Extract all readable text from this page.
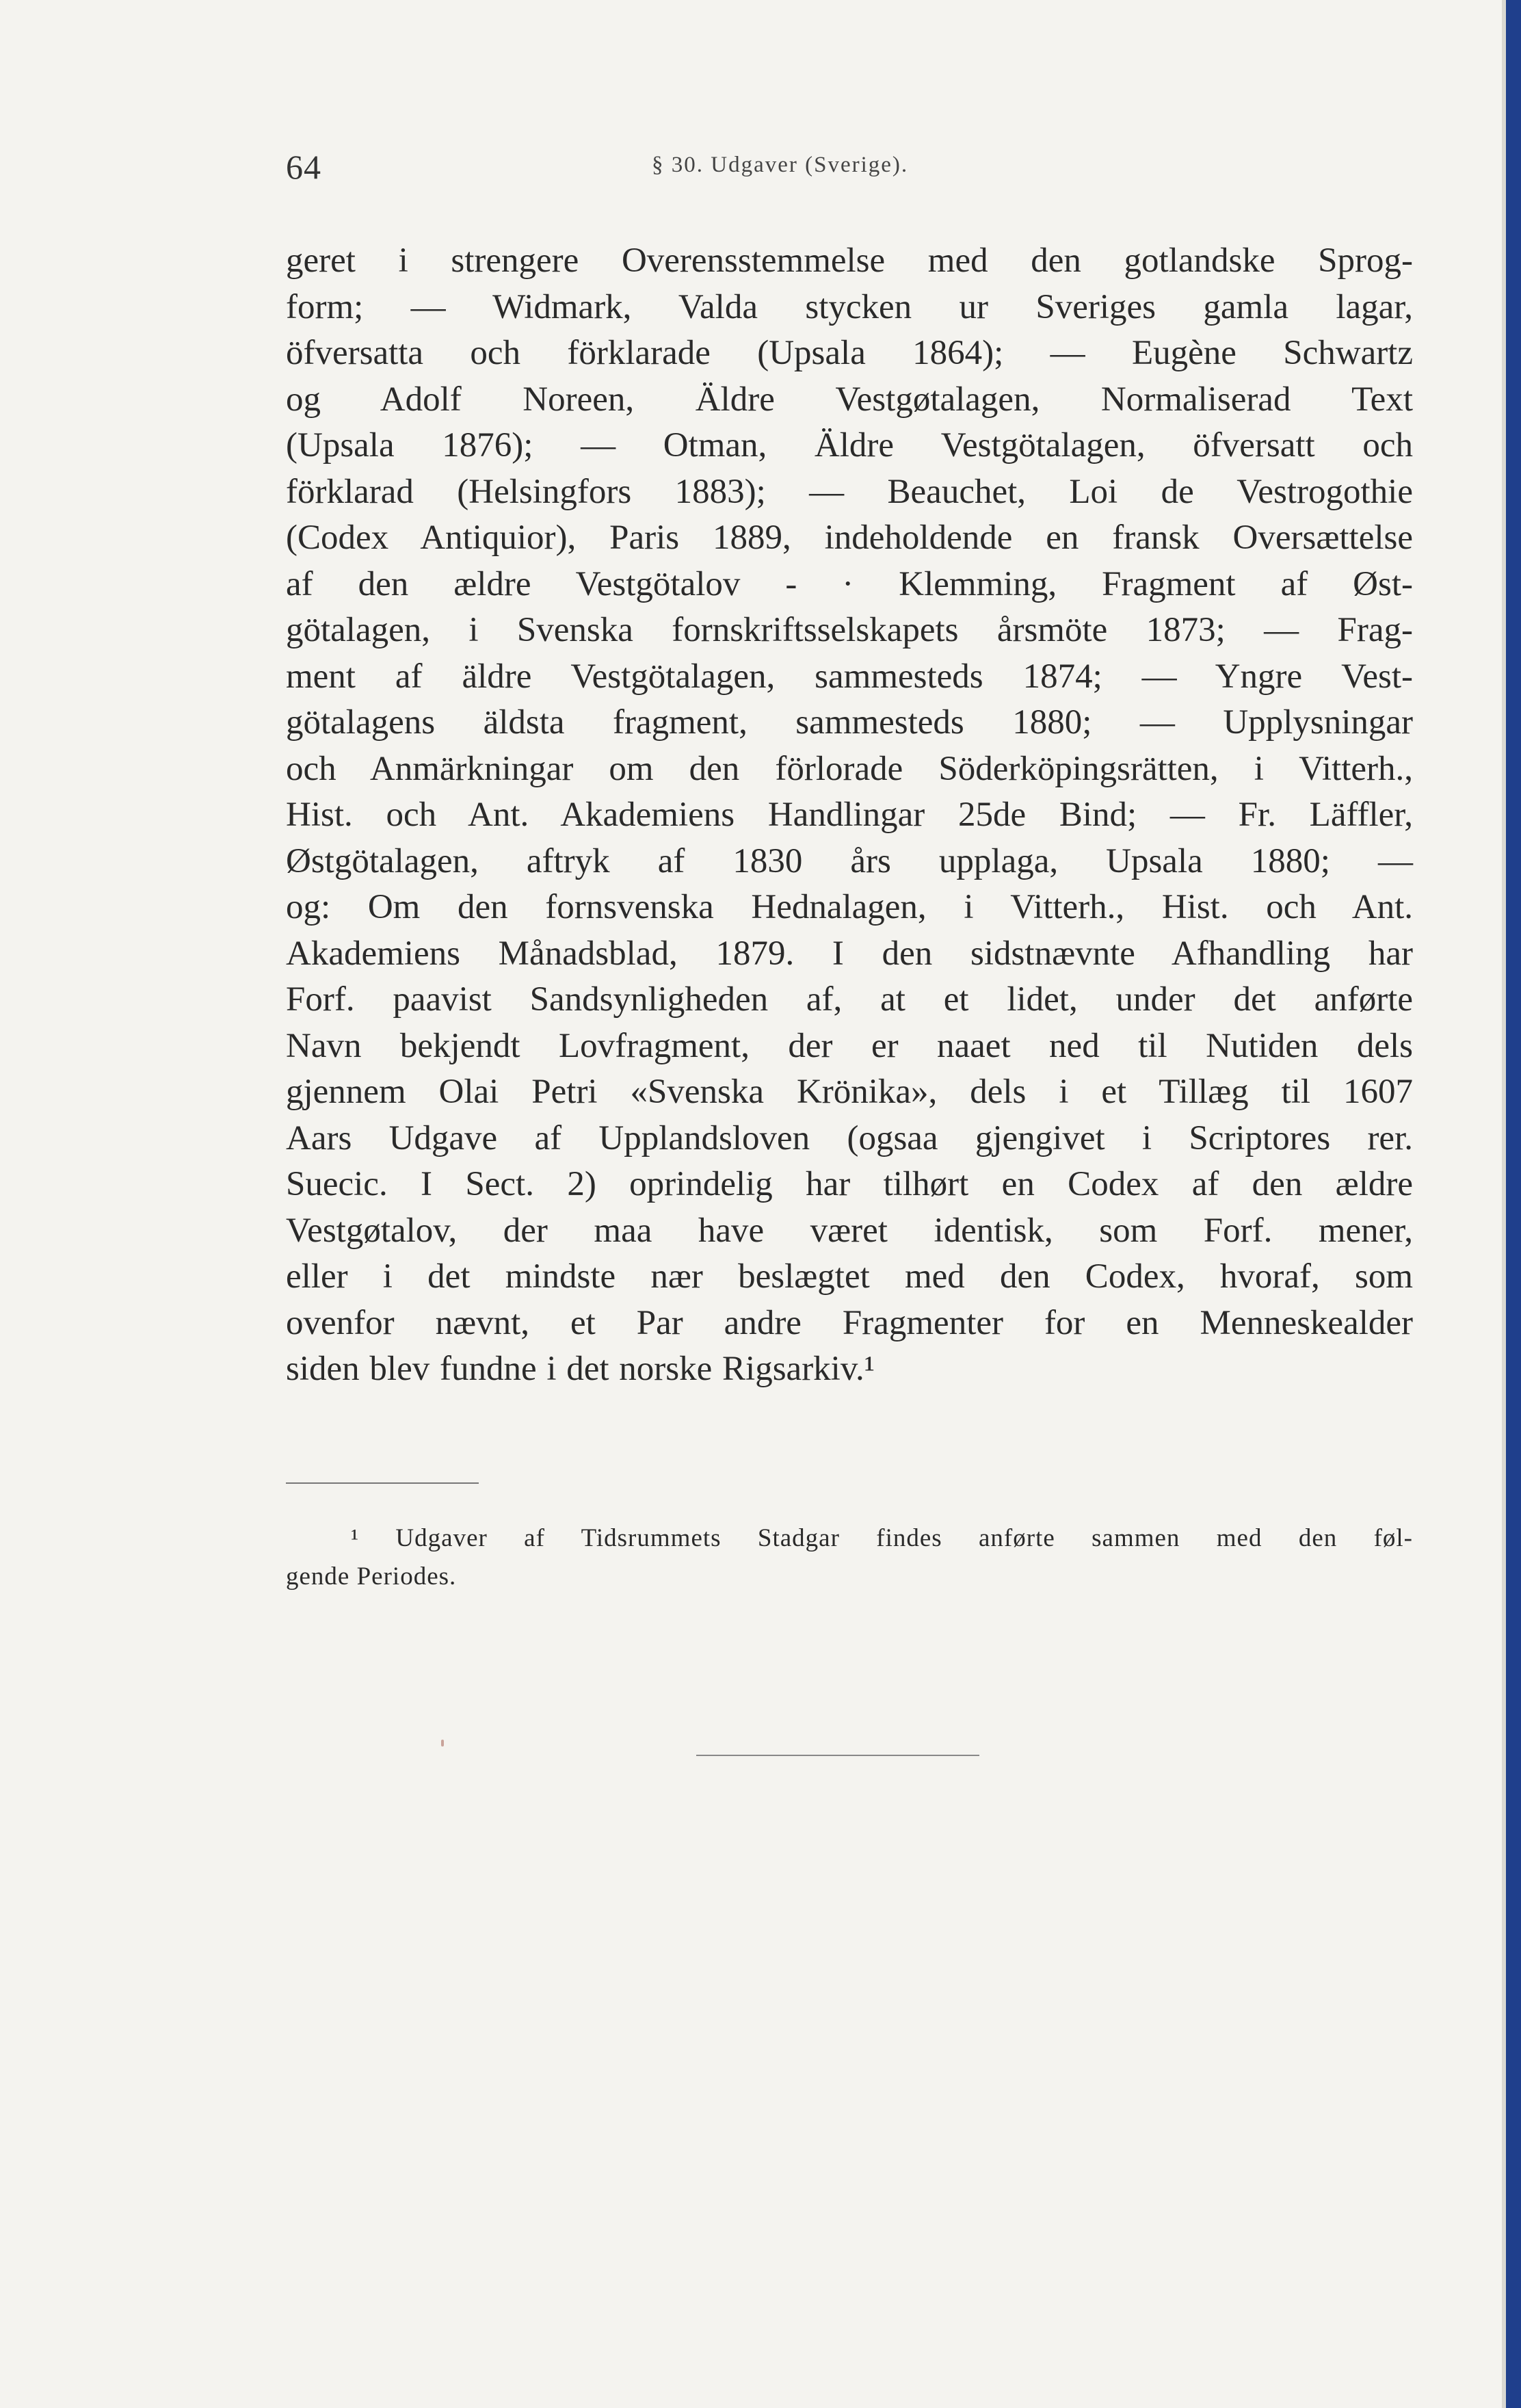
64	§ 30. Udgaver (Sverige).
geret i strengere Overensstemmelse med den gotlandske Sprog-
form; — Widmark, Valda stycken ur Sveriges gamla lagar,
öfversatta och förklarade (Upsala 1864); — Eugène Schwartz
og Adolf Noreen, Äldre Vestgøtalagen, Normaliserad Text
(Upsala 1876); — Otman, Äldre Vestgötalagen, öfversatt och
förklarad (Helsingfors 1883); — Beauchet, Loi de Vestrogothie
(Codex Antiquior), Paris 1889, indeholdende en fransk Oversættelse
af den ældre Vestgötalov - · Klemming, Fragment af Øst-
götalagen, i Svenska fornskriftsselskapets årsmöte 1873; — Frag-
ment af äldre Vestgötalagen, sammesteds 1874; — Yngre Vest-
götalagens äldsta fragment, sammesteds 1880; — Upplysningar
och Anmärkningar om den förlorade Söderköpingsrätten, i Vitterh.,
Hist. och Ant. Akademiens Handlingar 25de Bind; — Fr. Läffler,
Østgötalagen, aftryk af 1830 års upplaga, Upsala 1880; —
og: Om den fornsvenska Hednalagen, i Vitterh., Hist. och Ant.
Akademiens Månadsblad, 1879. I den sidstnævnte Afhandling har
Forf. paavist Sandsynligheden af, at et lidet, under det anførte
Navn bekjendt Lovfragment, der er naaet ned til Nutiden dels
gjennem Olai Petri «Svenska Krönika», dels i et Tillæg til 1607
Aars Udgave af Upplandsloven (ogsaa gjengivet i Scriptores rer.
Suecic. I Sect. 2) oprindelig har tilhørt en Codex af den ældre
Vestgøtalov, der maa have været identisk, som Forf. mener,
eller i det mindste nær beslægtet med den Codex, hvoraf, som
ovenfor nævnt, et Par andre Fragmenter for en Menneskealder
siden blev fundne i det norske Rigsarkiv.¹
¹ Udgaver af Tidsrummets Stadgar findes anførte sammen med den føl-
gende Periodes.
